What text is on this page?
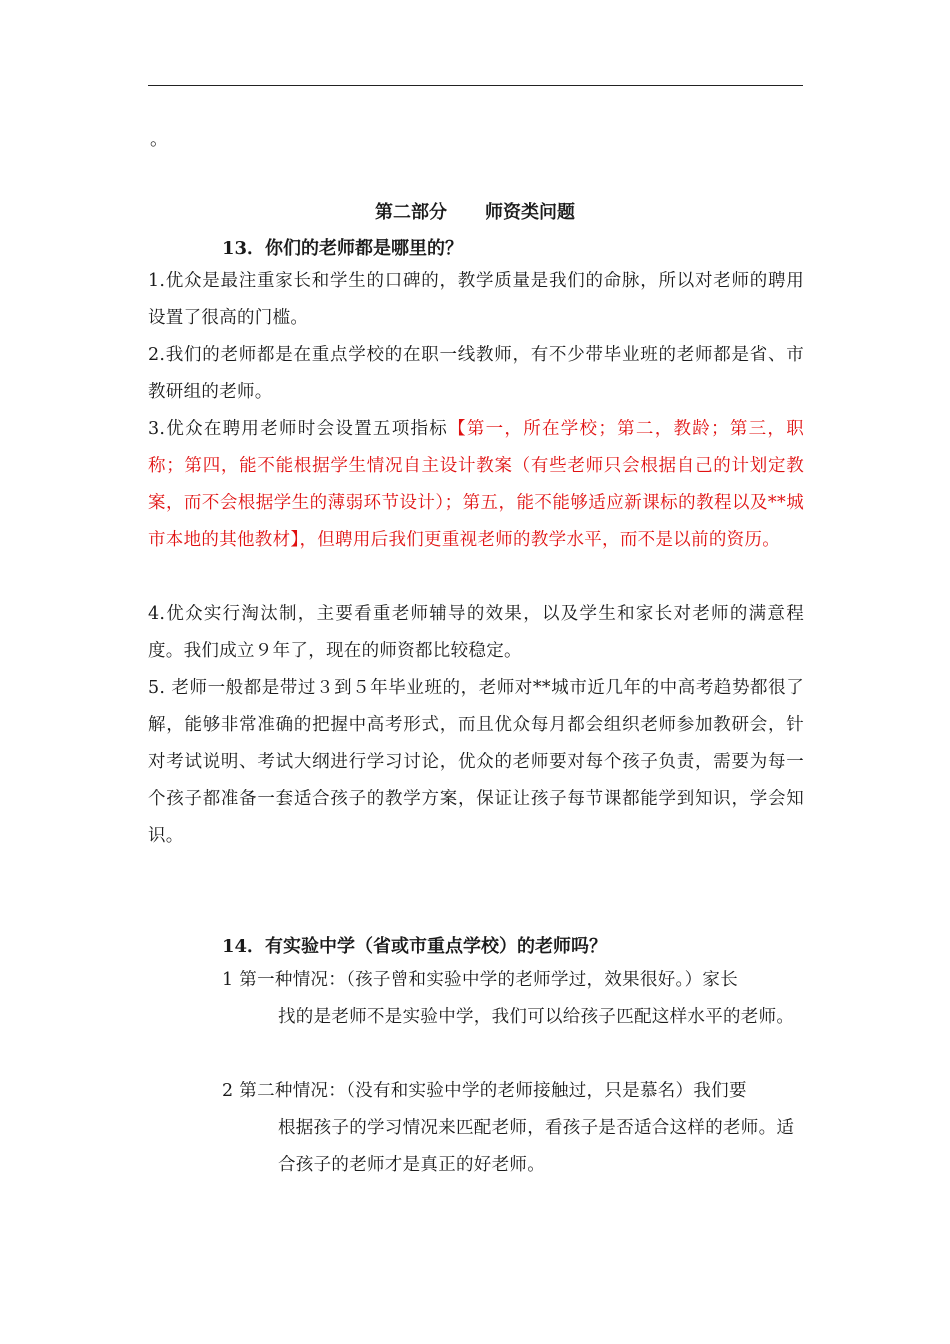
。
第二部分 师资类问题
13．你们的老师都是哪里的？
1.优众是最注重家长和学生的口碑的，教学质量是我们的命脉，所以对老师的聘用设置了很高的门槛。
2.我们的老师都是在重点学校的在职一线教师，有不少带毕业班的老师都是省、市教研组的老师。
3.优众在聘用老师时会设置五项指标【第一，所在学校；第二，教龄；第三，职称；第四，能不能根据学生情况自主设计教案（有些老师只会根据自己的计划定教案，而不会根据学生的薄弱环节设计）；第五，能不能够适应新课标的教程以及**城市本地的其他教材】，但聘用后我们更重视老师的教学水平，而不是以前的资历。
4.优众实行淘汰制，主要看重老师辅导的效果，以及学生和家长对老师的满意程度。我们成立９年了，现在的师资都比较稳定。
5. 老师一般都是带过３到５年毕业班的，老师对**城市近几年的中高考趋势都很了解，能够非常准确的把握中高考形式，而且优众每月都会组织老师参加教研会，针对考试说明、考试大纲进行学习讨论，优众的老师要对每个孩子负责，需要为每一个孩子都准备一套适合孩子的教学方案，保证让孩子每节课都能学到知识，学会知识。
14．有实验中学（省或市重点学校）的老师吗？
1 第一种情况：（孩子曾和实验中学的老师学过，效果很好。）家长
找的是老师不是实验中学，我们可以给孩子匹配这样水平的老师。
2 第二种情况：（没有和实验中学的老师接触过，只是慕名）我们要
根据孩子的学习情况来匹配老师，看孩子是否适合这样的老师。适合孩子的老师才是真正的好老师。
